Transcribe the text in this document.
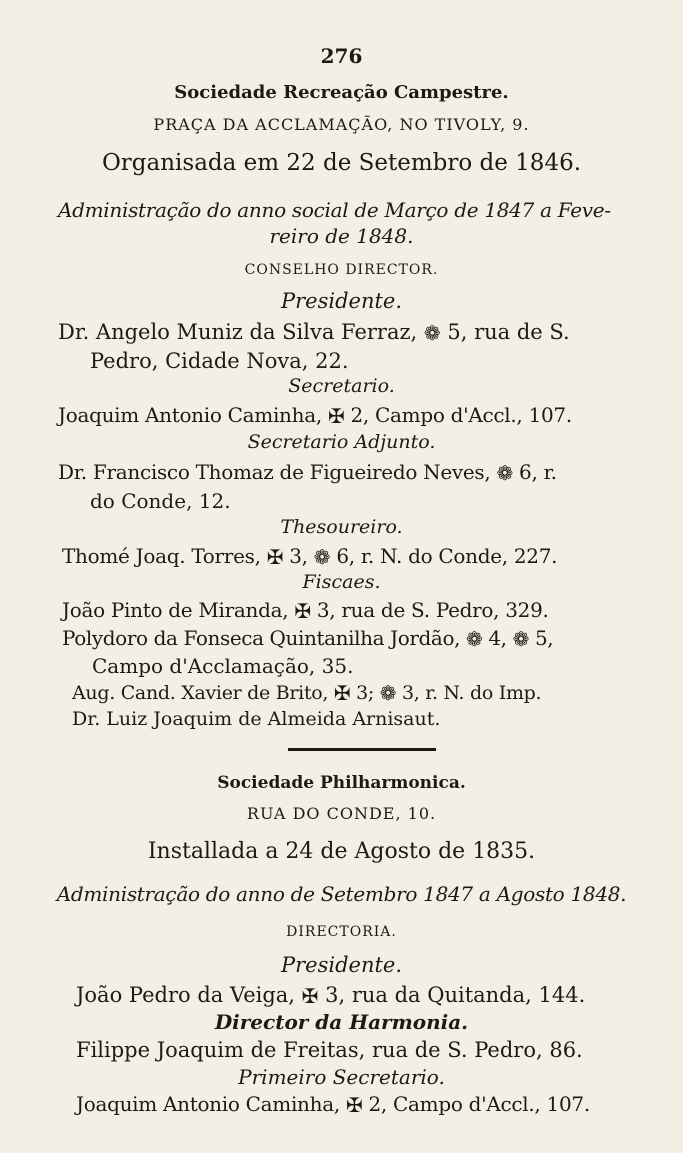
276
Sociedade Recreação Campestre.
PRAÇA DA ACCLAMAÇÃO, NO TIVOLY, 9.
Organisada em 22 de Setembro de 1846.
Administração do anno social de Março de 1847 a Feve-
reiro de 1848.
CONSELHO DIRECTOR.
Presidente.
Dr. Angelo Muniz da Silva Ferraz, ❁ 5, rua de S.
Pedro, Cidade Nova, 22.
Secretario.
Joaquim Antonio Caminha, ✠ 2, Campo d'Accl., 107.
Secretario Adjunto.
Dr. Francisco Thomaz de Figueiredo Neves, ❁ 6, r.
do Conde, 12.
Thesoureiro.
Thomé Joaq. Torres, ✠ 3, ❁ 6, r. N. do Conde, 227.
Fiscaes.
João Pinto de Miranda, ✠ 3, rua de S. Pedro, 329.
Polydoro da Fonseca Quintanilha Jordão, ❁ 4, ❁ 5,
Campo d'Acclamação, 35.
Aug. Cand. Xavier de Brito, ✠ 3; ❁ 3, r. N. do Imp.
Dr. Luiz Joaquim de Almeida Arnisaut.
Sociedade Philharmonica.
RUA DO CONDE, 10.
Installada a 24 de Agosto de 1835.
Administração do anno de Setembro 1847 a Agosto 1848.
DIRECTORIA.
Presidente.
João Pedro da Veiga, ✠ 3, rua da Quitanda, 144.
Director da Harmonia.
Filippe Joaquim de Freitas, rua de S. Pedro, 86.
Primeiro Secretario.
Joaquim Antonio Caminha, ✠ 2, Campo d'Accl., 107.
